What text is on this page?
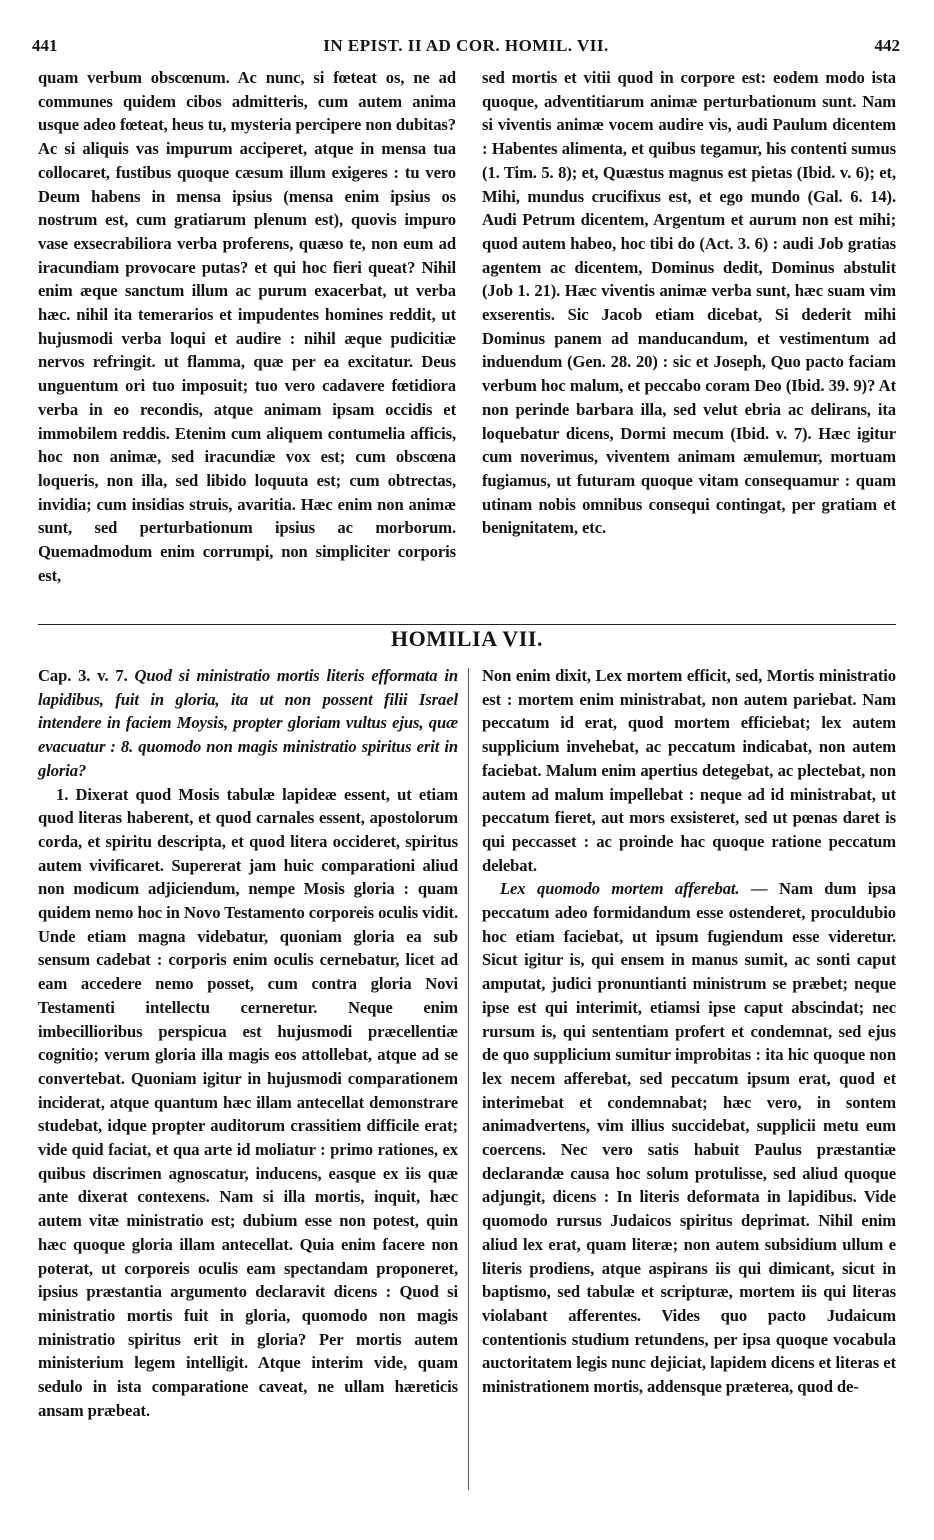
441	IN EPIST. II AD COR. HOMIL. VII.	442

quam verbum obscœnum. Ac nunc, si fœteat os, ne ad communes quidem cibos admitteris, cum autem anima usque adeo fœteat, heus tu, mysteria percipere non dubitas? Ac si aliquis vas impurum acciperet, atque in mensa tua collocaret, fustibus quoque cæsum illum exigeres : tu vero Deum habens in mensa ipsius (mensa enim ipsius os nostrum est, cum gratiarum plenum est), quovis impuro vase exsecrabiliora verba proferens, quæso te, non eum ad iracundiam provocare putas? et qui hoc fieri queat? Nihil enim æque sanctum illum ac purum exacerbat, ut verba hæc. nihil ita temerarios et impudentes homines reddit, ut hujusmodi verba loqui et audire : nihil æque pudicitiæ nervos refringit. ut flamma, quæ per ea excitatur. Deus unguentum ori tuo imposuit; tuo vero cadavere fœtidiora verba in eo recondis, atque animam ipsam occidis et immobilem reddis. Etenim cum aliquem contumelia afficis, hoc non animæ, sed iracundiæ vox est; cum obscœna loqueris, non illa, sed libido loquuta est; cum obtrectas, invidia; cum insidias struis, avaritia. Hæc enim non animæ sunt, sed perturbationum ipsius ac morborum. Quemadmodum enim corrumpi, non simpliciter corporis est,

sed mortis et vitii quod in corpore est: eodem modo ista quoque, adventitiarum animæ perturbationum sunt. Nam si viventis animæ vocem audire vis, audi Paulum dicentem : Habentes alimenta, et quibus tegamur, his contenti sumus (1. Tim. 5. 8); et, Quæstus magnus est pietas (Ibid. v. 6); et, Mihi, mundus crucifixus est, et ego mundo (Gal. 6. 14). Audi Petrum dicentem, Argentum et aurum non est mihi; quod autem habeo, hoc tibi do (Act. 3. 6) : audi Job gratias agentem ac dicentem, Dominus dedit, Dominus abstulit (Job 1. 21). Hæc viventis animæ verba sunt, hæc suam vim exserentis. Sic Jacob etiam dicebat, Si dederit mihi Dominus panem ad manducandum, et vestimentum ad induendum (Gen. 28. 20) : sic et Joseph, Quo pacto faciam verbum hoc malum, et peccabo coram Deo (Ibid. 39. 9)? At non perinde barbara illa, sed velut ebria ac delirans, ita loquebatur dicens, Dormi mecum (Ibid. v. 7). Hæc igitur cum noverimus, viventem animam æmulemur, mortuam fugiamus, ut futuram quoque vitam consequamur : quam utinam nobis omnibus consequi contingat, per gratiam et benignitatem, etc.

HOMILIA VII.

Cap. 3. v. 7. Quod si ministratio mortis literis efformata in lapidibus, fuit in gloria, ita ut non possent filii Israel intendere in faciem Moysis, propter gloriam vultus ejus, quæ evacuatur : 8. quomodo non magis ministratio spiritus erit in gloria?

1. Dixerat quod Mosis tabulæ lapideæ essent, ut etiam quod literas haberent, et quod carnales essent, apostolorum corda, et spiritu descripta, et quod litera occideret, spiritus autem vivificaret. Supererat jam huic comparationi aliud non modicum adjiciendum, nempe Mosis gloria : quam quidem nemo hoc in Novo Testamento corporeis oculis vidit. Unde etiam magna videbatur, quoniam gloria ea sub sensum cadebat : corporis enim oculis cernebatur, licet ad eam accedere nemo posset, cum contra gloria Novi Testamenti intellectu cerneretur. Neque enim imbecillioribus perspicua est hujusmodi præcellentiæ cognitio; verum gloria illa magis eos attollebat, atque ad se convertebat. Quoniam igitur in hujusmodi comparationem inciderat, atque quantum hæc illam antecellat demonstrare studebat, idque propter auditorum crassitiem difficile erat; vide quid faciat, et qua arte id moliatur : primo rationes, ex quibus discrimen agnoscatur, inducens, easque ex iis quæ ante dixerat contexens. Nam si illa mortis, inquit, hæc autem vitæ ministratio est; dubium esse non potest, quin hæc quoque gloria illam antecellat. Quia enim facere non poterat, ut corporeis oculis eam spectandam proponeret, ipsius præstantia argumento declaravit dicens : Quod si ministratio mortis fuit in gloria, quomodo non magis ministratio spiritus erit in gloria? Per mortis autem ministerium legem intelligit. Atque interim vide, quam sedulo in ista comparatione caveat, ne ullam hæreticis ansam præbeat.

Non enim dixit, Lex mortem efficit, sed, Mortis ministratio est : mortem enim ministrabat, non autem pariebat. Nam peccatum id erat, quod mortem efficiebat; lex autem supplicium invehebat, ac peccatum indicabat, non autem faciebat. Malum enim apertius detegebat, ac plectebat, non autem ad malum impellebat : neque ad id ministrabat, ut peccatum fieret, aut mors exsisteret, sed ut pœnas daret is qui peccasset : ac proinde hac quoque ratione peccatum delebat.

Lex quomodo mortem afferebat. — Nam dum ipsa peccatum adeo formidandum esse ostenderet, proculdubio hoc etiam faciebat, ut ipsum fugiendum esse videretur. Sicut igitur is, qui ensem in manus sumit, ac sonti caput amputat, judici pronuntianti ministrum se præbet; neque ipse est qui interimit, etiamsi ipse caput abscindat; nec rursum is, qui sententiam profert et condemnat, sed ejus de quo supplicium sumitur improbitas : ita hic quoque non lex necem afferebat, sed peccatum ipsum erat, quod et interimebat et condemnabat; hæc vero, in sontem animadvertens, vim illius succidebat, supplicii metu eum coercens. Nec vero satis habuit Paulus præstantiæ declarandæ causa hoc solum protulisse, sed aliud quoque adjungit, dicens : In literis deformata in lapidibus. Vide quomodo rursus Judaicos spiritus deprimat. Nihil enim aliud lex erat, quam literæ; non autem subsidium ullum e literis prodiens, atque aspirans iis qui dimicant, sicut in baptismo, sed tabulæ et scripturæ, mortem iis qui literas violabant afferentes. Vides quo pacto Judaicum contentionis studium retundens, per ipsa quoque vocabula auctoritatem legis nunc dejiciat, lapidem dicens et literas et ministrationem mortis, addensque præterea, quod de-
